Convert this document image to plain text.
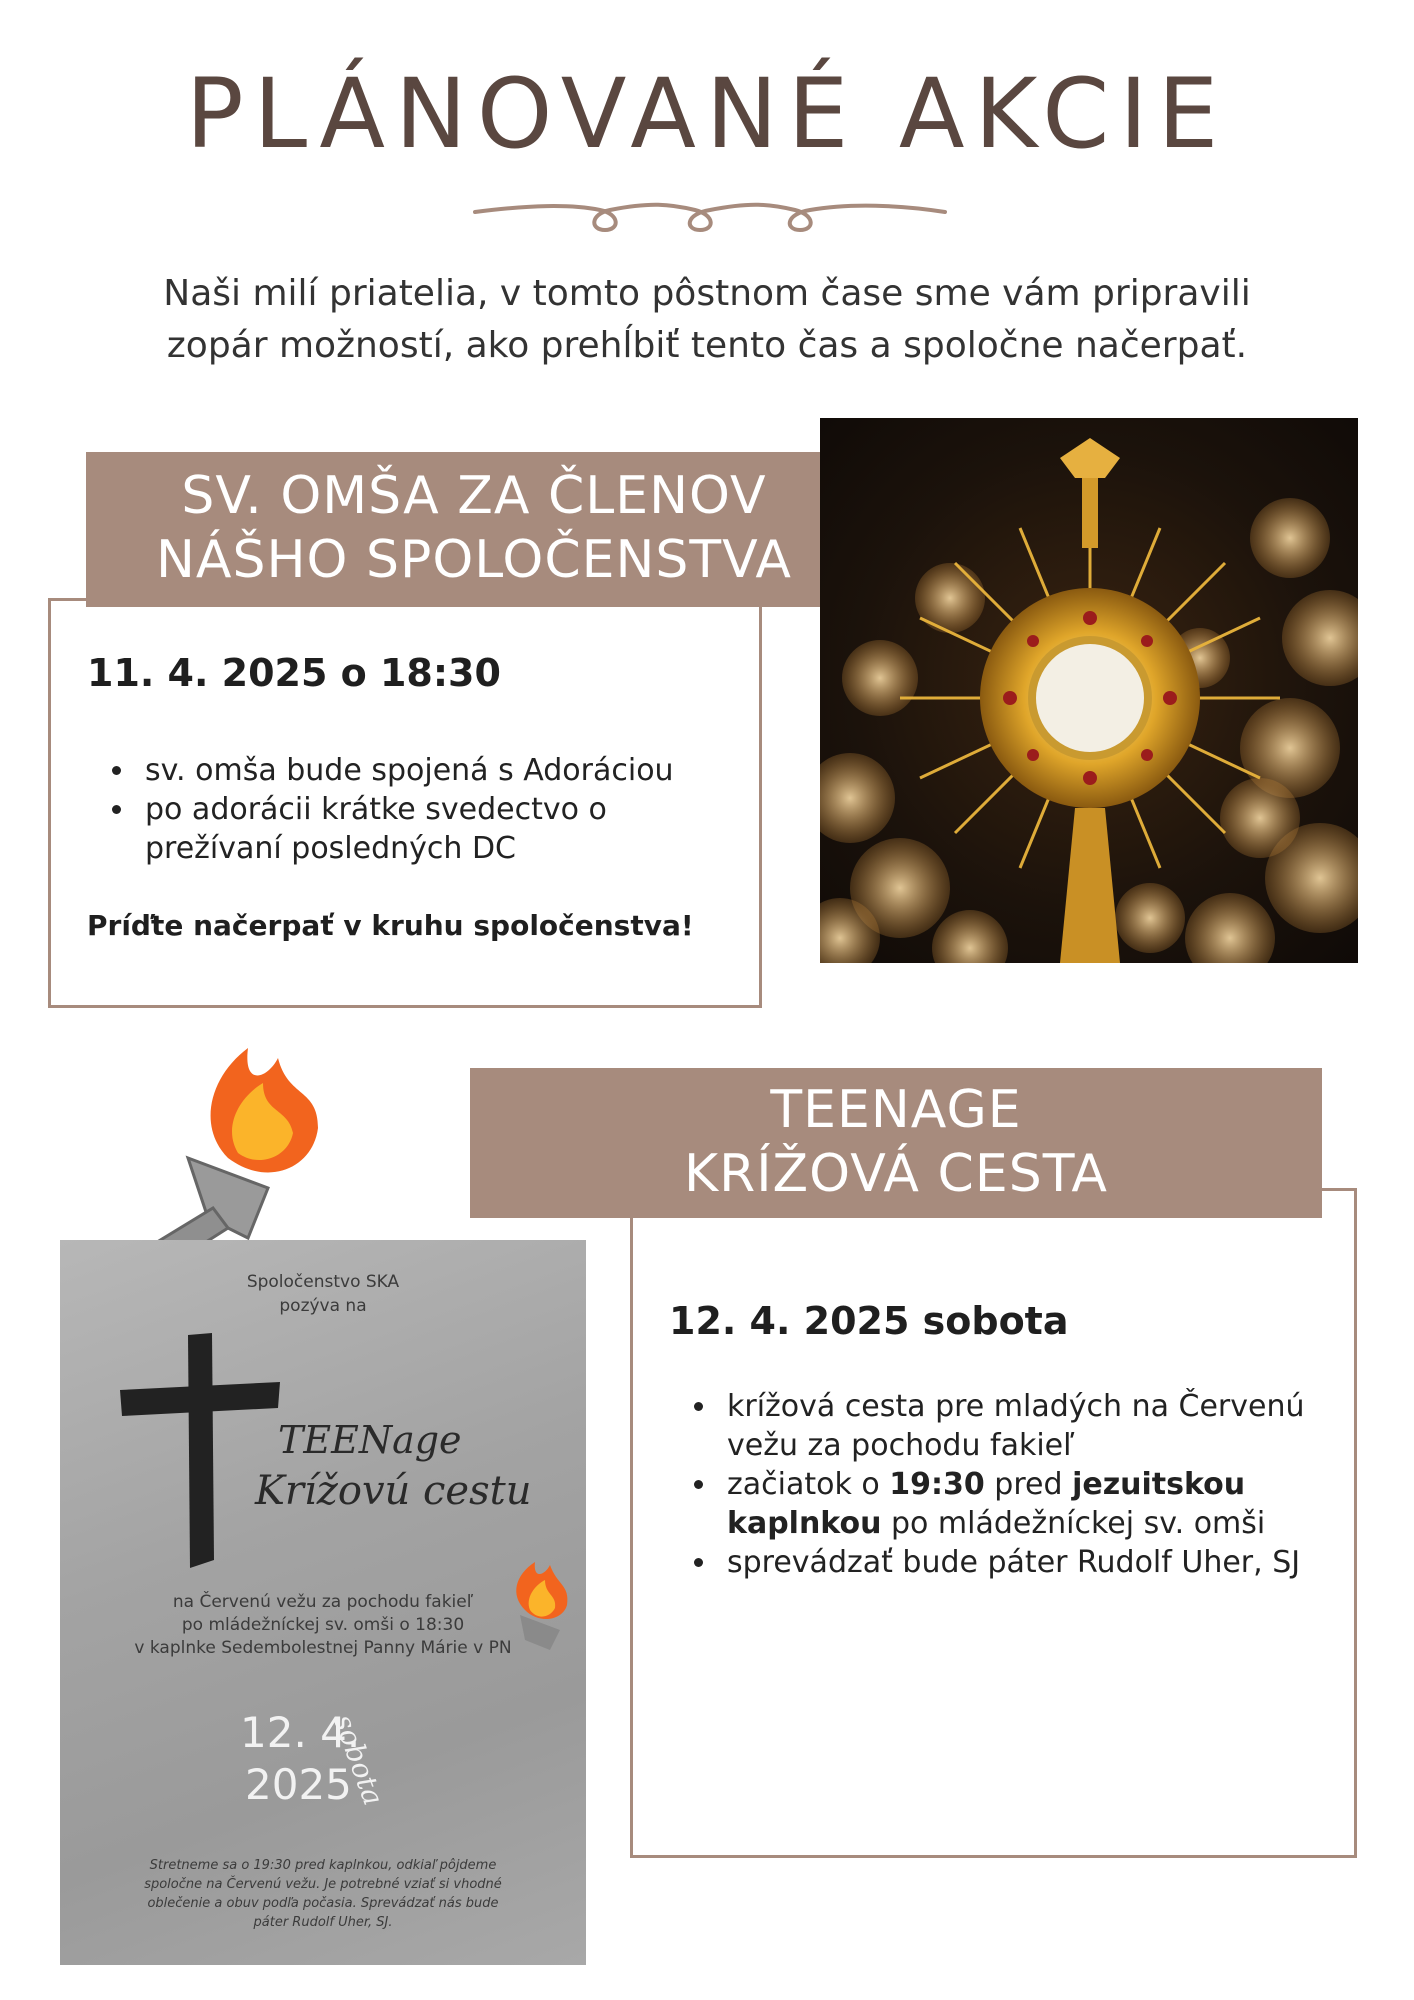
PLÁNOVANÉ AKCIE
Naši milí priatelia, v tomto pôstnom čase sme vám pripravili
zopár možností, ako prehĺbiť tento čas a spoločne načerpať.
11. 4. 2025 o 18:30
• sv. omša bude spojená s Adoráciou
• po adorácii krátke svedectvo o prežívaní posledných DC
Príďte načerpať v kruhu spoločenstva!
SV. OMŠA ZA ČLENOV
NÁŠHO SPOLOČENSTVA
Spoločenstvo SKA
pozýva na
TEENage
Krížovú cestu
na Červenú vežu za pochodu fakieľ
po mládežníckej sv. omši o 18:30
v kaplnke Sedembolestnej Panny Márie v PN
12. 4.
2025
sobota
Stretneme sa o 19:30 pred kaplnkou, odkiaľ pôjdeme
spoločne na Červenú vežu. Je potrebné vziať si vhodné
oblečenie a obuv podľa počasia. Sprevádzať nás bude
páter Rudolf Uher, SJ.
12. 4. 2025 sobota
• krížová cesta pre mladých na Červenú vežu za pochodu fakieľ
• začiatok o 19:30 pred jezuitskou kaplnkou po mládežníckej sv. omši
• sprevádzať bude páter Rudolf Uher, SJ
TEENAGE
KRÍŽOVÁ CESTA
